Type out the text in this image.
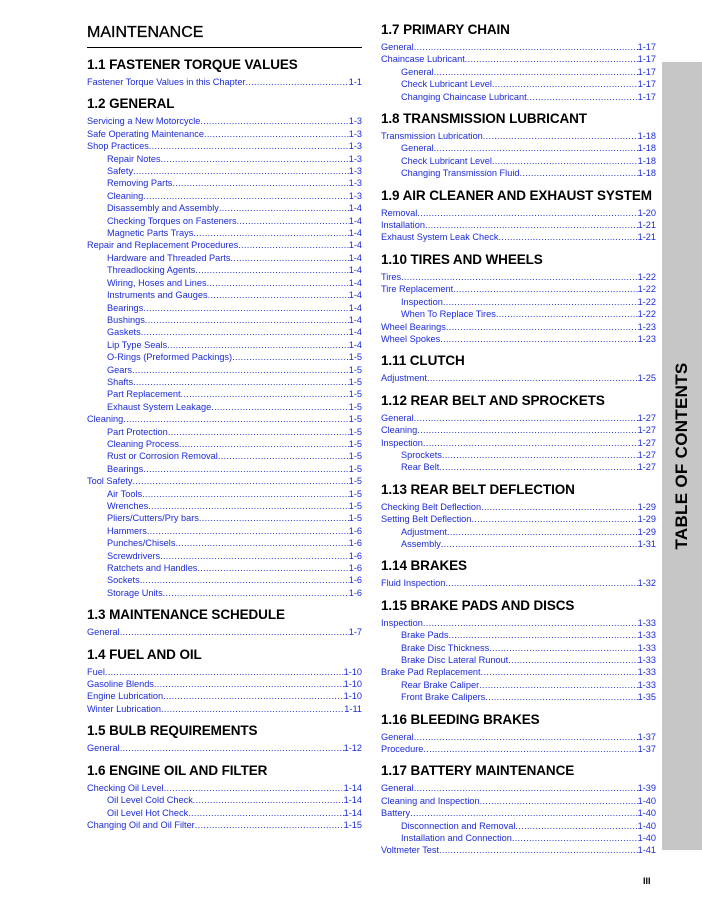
MAINTENANCE
1.1 FASTENER TORQUE VALUES
Fastener Torque Values in this Chapter .....	1-1
1.2 GENERAL
Servicing a New Motorcycle .....	1-3
Safe Operating Maintenance .....	1-3
Shop Practices .....	1-3
Repair Notes .....	1-3
Safety .....	1-3
Removing Parts .....	1-3
Cleaning .....	1-3
Disassembly and Assembly .....	1-4
Checking Torques on Fasteners .....	1-4
Magnetic Parts Trays .....	1-4
Repair and Replacement Procedures .....	1-4
Hardware and Threaded Parts .....	1-4
Threadlocking Agents .....	1-4
Wiring, Hoses and Lines .....	1-4
Instruments and Gauges .....	1-4
Bearings .....	1-4
Bushings .....	1-4
Gaskets .....	1-4
Lip Type Seals .....	1-4
O-Rings (Preformed Packings) .....	1-5
Gears .....	1-5
Shafts .....	1-5
Part Replacement .....	1-5
Exhaust System Leakage .....	1-5
Cleaning .....	1-5
Part Protection .....	1-5
Cleaning Process .....	1-5
Rust or Corrosion Removal .....	1-5
Bearings .....	1-5
Tool Safety .....	1-5
Air Tools .....	1-5
Wrenches .....	1-5
Pliers/Cutters/Pry bars .....	1-5
Hammers .....	1-6
Punches/Chisels .....	1-6
Screwdrivers .....	1-6
Ratchets and Handles .....	1-6
Sockets .....	1-6
Storage Units .....	1-6
1.3 MAINTENANCE SCHEDULE
General .....	1-7
1.4 FUEL AND OIL
Fuel .....	1-10
Gasoline Blends .....	1-10
Engine Lubrication .....	1-10
Winter Lubrication .....	1-11
1.5 BULB REQUIREMENTS
General .....	1-12
1.6 ENGINE OIL AND FILTER
Checking Oil Level .....	1-14
Oil Level Cold Check .....	1-14
Oil Level Hot Check .....	1-14
Changing Oil and Oil Filter .....	1-15
1.7 PRIMARY CHAIN
General .....	1-17
Chaincase Lubricant .....	1-17
General .....	1-17
Check Lubricant Level .....	1-17
Changing Chaincase Lubricant .....	1-17
1.8 TRANSMISSION LUBRICANT
Transmission Lubrication .....	1-18
General .....	1-18
Check Lubricant Level .....	1-18
Changing Transmission Fluid .....	1-18
1.9 AIR CLEANER AND EXHAUST SYSTEM
Removal .....	1-20
Installation .....	1-21
Exhaust System Leak Check .....	1-21
1.10 TIRES AND WHEELS
Tires .....	1-22
Tire Replacement .....	1-22
Inspection .....	1-22
When To Replace Tires .....	1-22
Wheel Bearings .....	1-23
Wheel Spokes .....	1-23
1.11 CLUTCH
Adjustment .....	1-25
1.12 REAR BELT AND SPROCKETS
General .....	1-27
Cleaning .....	1-27
Inspection .....	1-27
Sprockets .....	1-27
Rear Belt .....	1-27
1.13 REAR BELT DEFLECTION
Checking Belt Deflection .....	1-29
Setting Belt Deflection .....	1-29
Adjustment .....	1-29
Assembly .....	1-31
1.14 BRAKES
Fluid Inspection .....	1-32
1.15 BRAKE PADS AND DISCS
Inspection .....	1-33
Brake Pads .....	1-33
Brake Disc Thickness .....	1-33
Brake Disc Lateral Runout .....	1-33
Brake Pad Replacement .....	1-33
Rear Brake Caliper .....	1-33
Front Brake Calipers .....	1-35
1.16 BLEEDING BRAKES
General .....	1-37
Procedure .....	1-37
1.17 BATTERY MAINTENANCE
General .....	1-39
Cleaning and Inspection .....	1-40
Battery .....	1-40
Disconnection and Removal .....	1-40
Installation and Connection .....	1-40
Voltmeter Test .....	1-41
TABLE OF CONTENTS
III
